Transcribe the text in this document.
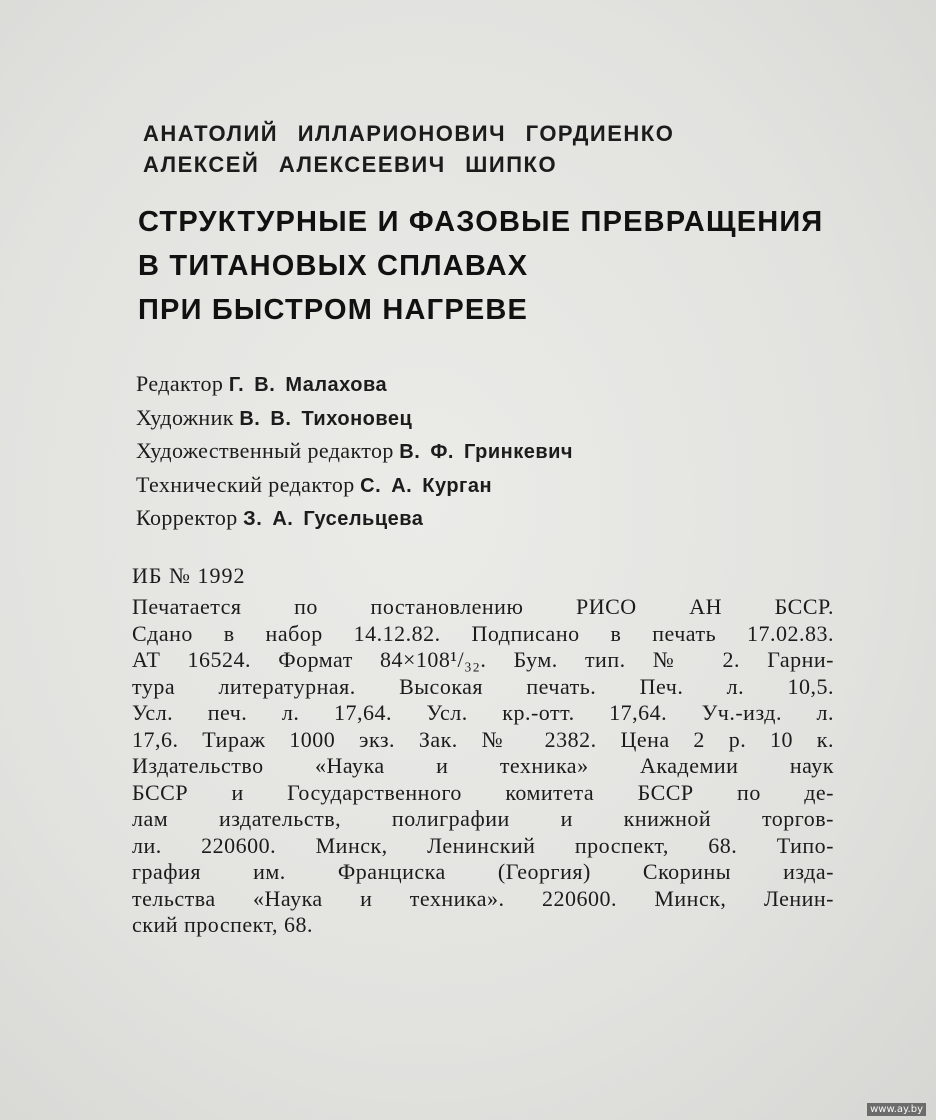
АНАТОЛИЙ ИЛЛАРИОНОВИЧ ГОРДИЕНКО
АЛЕКСЕЙ АЛЕКСЕЕВИЧ ШИПКО
СТРУКТУРНЫЕ И ФАЗОВЫЕ ПРЕВРАЩЕНИЯ
В ТИТАНОВЫХ СПЛАВАХ
ПРИ БЫСТРОМ НАГРЕВЕ
Редактор Г. В. Малахова
Художник В. В. Тихоновец
Художественный редактор В. Ф. Гринкевич
Технический редактор С. А. Курган
Корректор З. А. Гусельцева
ИБ № 1992
Печатается по постановлению РИСО АН БССР.
Сдано в набор 14.12.82. Подписано в печать 17.02.83.
АТ 16524. Формат 84×108¹/₃₂. Бум. тип. № 2. Гарни-
тура литературная. Высокая печать. Печ. л. 10,5.
Усл. печ. л. 17,64. Усл. кр.-отт. 17,64. Уч.-изд. л.
17,6. Тираж 1000 экз. Зак. № 2382. Цена 2 р. 10 к.
Издательство «Наука и техника» Академии наук
БССР и Государственного комитета БССР по де-
лам издательств, полиграфии и книжной торгов-
ли. 220600. Минск, Ленинский проспект, 68. Типо-
графия им. Франциска (Георгия) Скорины изда-
тельства «Наука и техника». 220600. Минск, Ленин-
ский проспект, 68.
www.ay.by
